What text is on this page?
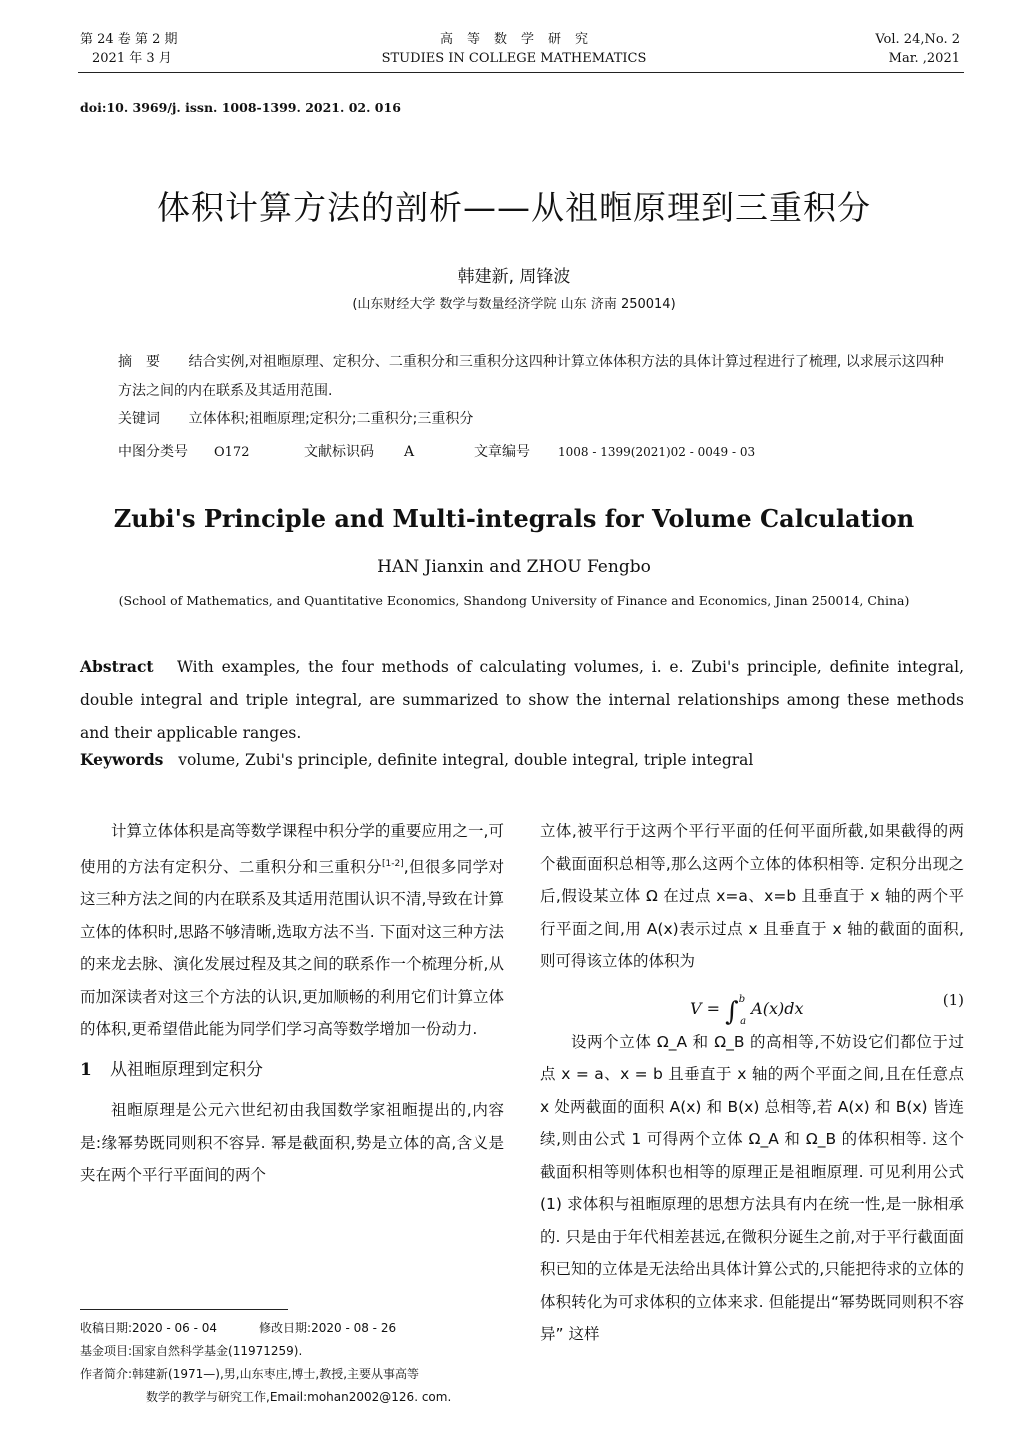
第 24 卷 第 2 期
2021 年 3 月
高等数学研究
STUDIES IN COLLEGE MATHEMATICS
Vol. 24,No. 2
Mar. ,2021
doi:10. 3969/j. issn. 1008-1399. 2021. 02. 016
体积计算方法的剖析——从祖暅原理到三重积分
韩建新, 周锋波
(山东财经大学 数学与数量经济学院 山东 济南 250014)
摘要 结合实例,对祖暅原理、定积分、二重积分和三重积分这四种计算立体体积方法的具体计算过程进行了梳理, 以求展示这四种方法之间的内在联系及其适用范围.
关键词 立体体积;祖暅原理;定积分;二重积分;三重积分
中图分类号 O172	文献标识码 A	文章编号 1008 - 1399(2021)02 - 0049 - 03
Zubi's Principle and Multi-integrals for Volume Calculation
HAN Jianxin and ZHOU Fengbo
(School of Mathematics, and Quantitative Economics, Shandong University of Finance and Economics, Jinan 250014, China)
Abstract With examples, the four methods of calculating volumes, i. e. Zubi's principle, definite integral, double integral and triple integral, are summarized to show the internal relationships among these methods and their applicable ranges.
Keywords volume, Zubi's principle, definite integral, double integral, triple integral

计算立体体积是高等数学课程中积分学的重要应用之一,可使用的方法有定积分、二重积分和三重积分[1-2],但很多同学对这三种方法之间的内在联系及其适用范围认识不清,导致在计算立体的体积时,思路不够清晰,选取方法不当. 下面对这三种方法的来龙去脉、演化发展过程及其之间的联系作一个梳理分析,从而加深读者对这三个方法的认识,更加顺畅的利用它们计算立体的体积,更希望借此能为同学们学习高等数学增加一份动力.

1 从祖暅原理到定积分

祖暅原理是公元六世纪初由我国数学家祖暅提出的,内容是:缘幂势既同则积不容异. 幂是截面积,势是立体的高,含义是夹在两个平行平面间的两个

立体,被平行于这两个平行平面的任何平面所截,如果截得的两个截面面积总相等,那么这两个立体的体积相等. 定积分出现之后,假设某立体 Ω 在过点 x=a、x=b 且垂直于 x 轴的两个平行平面之间,用 A(x)表示过点 x 且垂直于 x 轴的截面的面积,则可得该立体的体积为

V = ∫$^b_a$ A(x)dx	(1)

设两个立体 Ω_A 和 Ω_B 的高相等,不妨设它们都位于过点 x = a、x = b 且垂直于 x 轴的两个平面之间,且在任意点 x 处两截面的面积 A(x) 和 B(x) 总相等,若 A(x) 和 B(x) 皆连续,则由公式 1 可得两个立体 Ω_A 和 Ω_B 的体积相等. 这个截面积相等则体积也相等的原理正是祖暅原理. 可见利用公式(1) 求体积与祖暅原理的思想方法具有内在统一性,是一脉相承的. 只是由于年代相差甚远,在微积分诞生之前,对于平行截面面积已知的立体是无法给出具体计算公式的,只能把待求的立体的体积转化为可求体积的立体来求. 但能提出“幂势既同则积不容异” 这样

收稿日期:2020 - 06 - 04	修改日期:2020 - 08 - 26
基金项目:国家自然科学基金(11971259).
作者简介:韩建新(1971—),男,山东枣庄,博士,教授,主要从事高等
数学的教学与研究工作,Email:mohan2002@126. com.
